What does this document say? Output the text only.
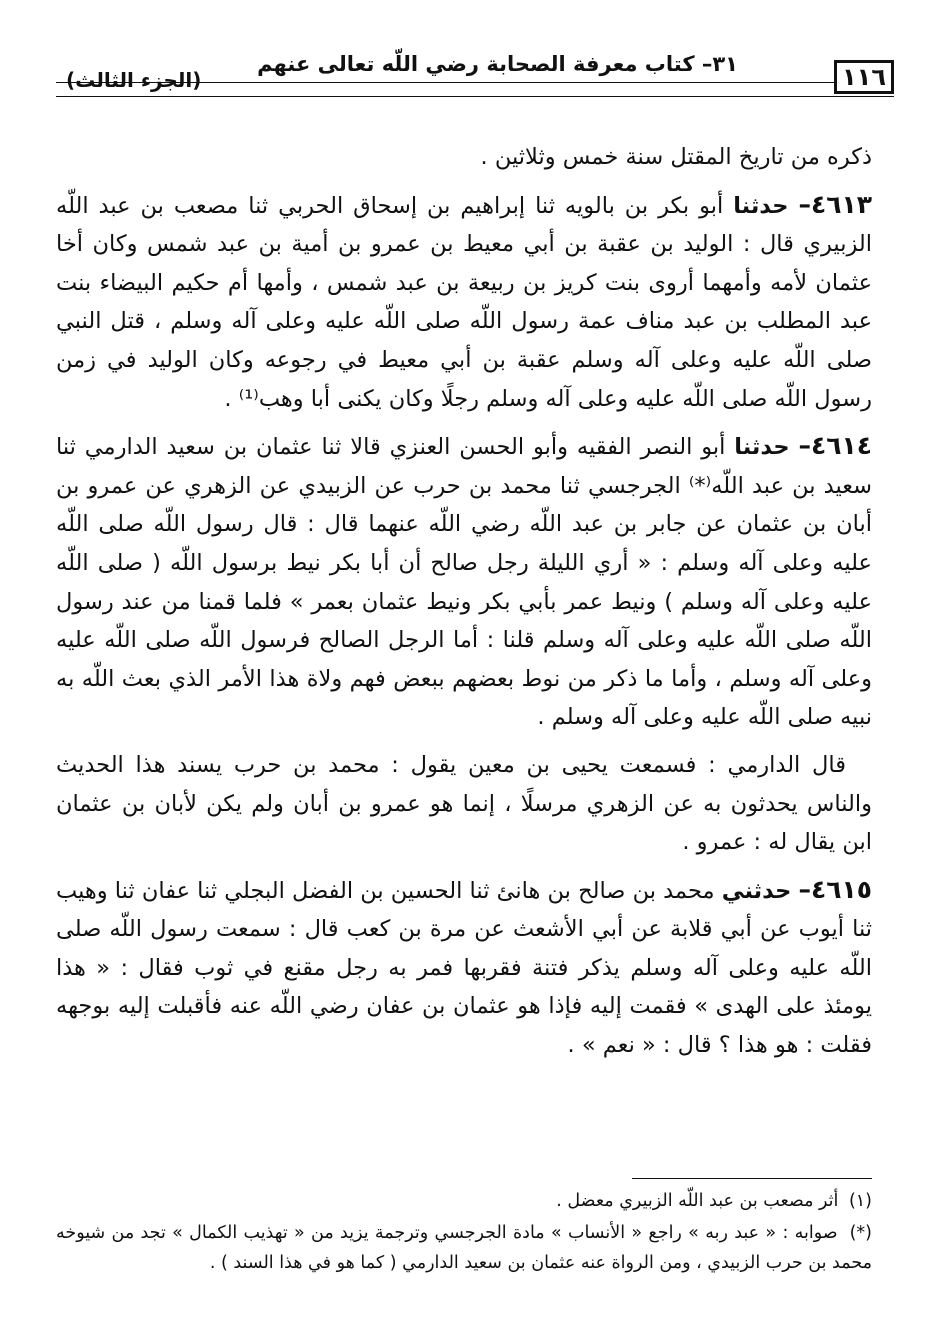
١١٦
٣١– كتاب معرفة الصحابة رضي اللّه تعالى عنهم
(الجزء الثالث)

ذكره من تاريخ المقتل سنة خمس وثلاثين .

٤٦١٣– حدثنا أبو بكر بن بالويه ثنا إبراهيم بن إسحاق الحربي ثنا مصعب بن عبد اللّه الزبيري قال : الوليد بن عقبة بن أبي معيط بن عمرو بن أمية بن عبد شمس وكان أخا عثمان لأمه وأمهما أروى بنت كريز بن ربيعة بن عبد شمس ، وأمها أم حكيم البيضاء بنت عبد المطلب بن عبد مناف عمة رسول اللّه صلى اللّه عليه وعلى آله وسلم ، قتل النبي صلى اللّه عليه وعلى آله وسلم عقبة بن أبي معيط في رجوعه وكان الوليد في زمن رسول اللّه صلى اللّه عليه وعلى آله وسلم رجلًا وكان يكنى أبا وهب⁽¹⁾ .

٤٦١٤– حدثنا أبو النصر الفقيه وأبو الحسن العنزي قالا ثنا عثمان بن سعيد الدارمي ثنا سعيد بن عبد اللّه⁽*⁾ الجرجسي ثنا محمد بن حرب عن الزبيدي عن الزهري عن عمرو بن أبان بن عثمان عن جابر بن عبد اللّه رضي اللّه عنهما قال : قال رسول اللّه صلى اللّه عليه وعلى آله وسلم : « أري الليلة رجل صالح أن أبا بكر نيط برسول اللّه ( صلى اللّه عليه وعلى آله وسلم ) ونيط عمر بأبي بكر ونيط عثمان بعمر » فلما قمنا من عند رسول اللّه صلى اللّه عليه وعلى آله وسلم قلنا : أما الرجل الصالح فرسول اللّه صلى اللّه عليه وعلى آله وسلم ، وأما ما ذكر من نوط بعضهم ببعض فهم ولاة هذا الأمر الذي بعث اللّه به نبيه صلى اللّه عليه وعلى آله وسلم .

قال الدارمي : فسمعت يحيى بن معين يقول : محمد بن حرب يسند هذا الحديث والناس يحدثون به عن الزهري مرسلًا ، إنما هو عمرو بن أبان ولم يكن لأبان بن عثمان ابن يقال له : عمرو .

٤٦١٥– حدثني محمد بن صالح بن هانئ ثنا الحسين بن الفضل البجلي ثنا عفان ثنا وهيب ثنا أيوب عن أبي قلابة عن أبي الأشعث عن مرة بن كعب قال : سمعت رسول اللّه صلى اللّه عليه وعلى آله وسلم يذكر فتنة فقربها فمر به رجل مقنع في ثوب فقال : « هذا يومئذ على الهدى » فقمت إليه فإذا هو عثمان بن عفان رضي اللّه عنه فأقبلت إليه بوجهه فقلت : هو هذا ؟ قال : « نعم » .

(١) أثر مصعب بن عبد اللّه الزبيري معضل .

(*) صوابه : « عبد ربه » راجع « الأنساب » مادة الجرجسي وترجمة يزيد من « تهذيب الكمال » تجد من شيوخه محمد بن حرب الزبيدي ، ومن الرواة عنه عثمان بن سعيد الدارمي ( كما هو في هذا السند ) .
